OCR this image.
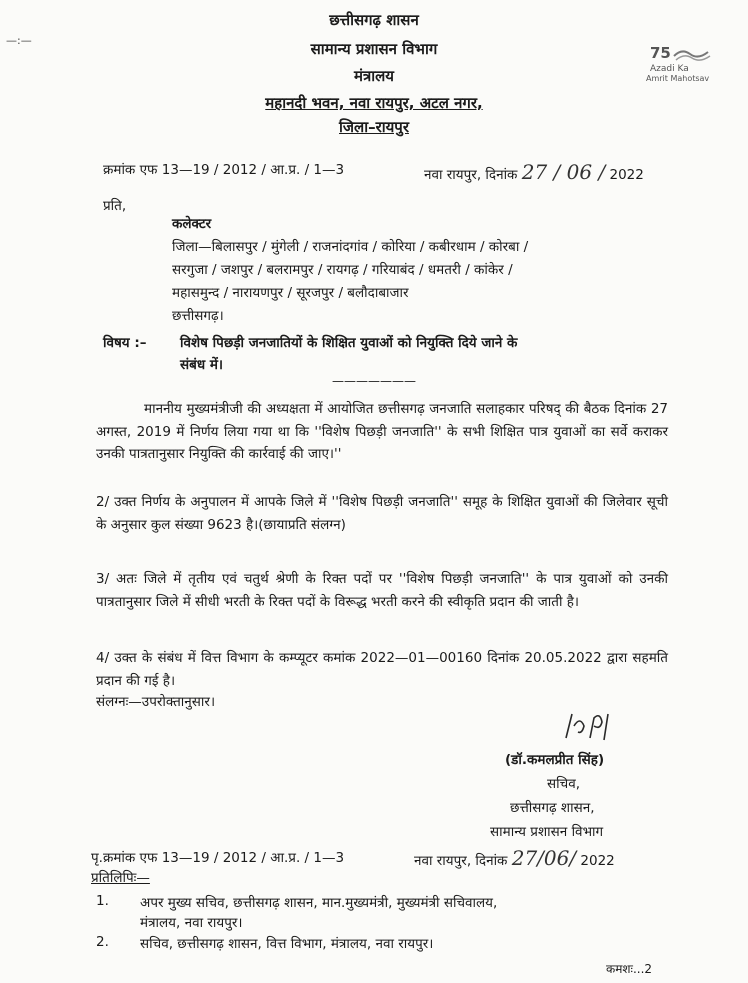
—:—
छत्तीसगढ़ शासन
सामान्य प्रशासन विभाग
मंत्रालय
महानदी भवन, नवा रायपुर, अटल नगर,
जिला–रायपुर
75
Azadi Ka
Amrit Mahotsav
क्रमांक एफ 13—19 / 2012 / आ.प्र. / 1—3	नवा रायपुर, दिनांक 27 / 06 / 2022
प्रति,
कलेक्टर
जिला—बिलासपुर / मुंगेली / राजनांदगांव / कोरिया / कबीरधाम / कोरबा /
सरगुजा / जशपुर / बलरामपुर / रायगढ़ / गरियाबंद / धमतरी / कांकेर /
महासमुन्द / नारायणपुर / सूरजपुर / बलौदाबाजार
छत्तीसगढ़।
विषय :– विशेष पिछड़ी जनजातियों के शिक्षित युवाओं को नियुक्ति दिये जाने के
संबंध में।
———————
माननीय मुख्यमंत्रीजी की अध्यक्षता में आयोजित छत्तीसगढ़ जनजाति सलाहकार परिषद् की बैठक दिनांक 27 अगस्त, 2019 में निर्णय लिया गया था कि ''विशेष पिछड़ी जनजाति'' के सभी शिक्षित पात्र युवाओं का सर्वे कराकर उनकी पात्रतानुसार नियुक्ति की कार्रवाई की जाए।''
2/ उक्त निर्णय के अनुपालन में आपके जिले में ''विशेष पिछड़ी जनजाति'' समूह के शिक्षित युवाओं की जिलेवार सूची के अनुसार कुल संख्या 9623 है।(छायाप्रति संलग्न)
3/ अतः जिले में तृतीय एवं चतुर्थ श्रेणी के रिक्त पदों पर ''विशेष पिछड़ी जनजाति'' के पात्र युवाओं को उनकी पात्रतानुसार जिले में सीधी भरती के रिक्त पदों के विरूद्ध भरती करने की स्वीकृति प्रदान की जाती है।
4/ उक्त के संबंध में वित्त विभाग के कम्प्यूटर कमांक 2022—01—00160 दिनांक 20.05.2022 द्वारा सहमति प्रदान की गई है।
संलग्नः—उपरोक्तानुसार।
(डॉ.कमलप्रीत सिंह)
सचिव,
छत्तीसगढ़ शासन,
सामान्य प्रशासन विभाग
पृ.क्रमांक एफ 13—19 / 2012 / आ.प्र. / 1—3	नवा रायपुर, दिनांक 27/06/ 2022
प्रतिलिपिः—
1. अपर मुख्य सचिव, छत्तीसगढ़ शासन, मान.मुख्यमंत्री, मुख्यमंत्री सचिवालय,
मंत्रालय, नवा रायपुर।
2. सचिव, छत्तीसगढ़ शासन, वित्त विभाग, मंत्रालय, नवा रायपुर।
कमशः...2
